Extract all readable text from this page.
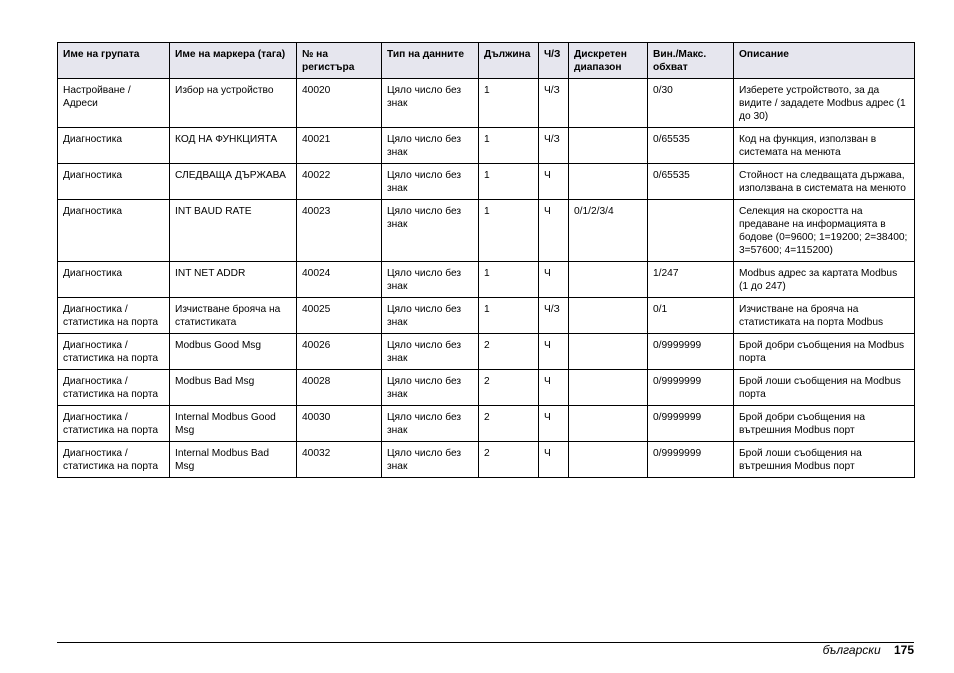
Име на групата	Име на маркера (тага)	№ на регистъра	Тип на данните	Дължина	Ч/З	Дискретен диапазон	Вин./Макс. обхват	Описание
Настройване / Адреси	Избор на устройство	40020	Цяло число без знак	1	Ч/З		0/30	Изберете устройството, за да видите / зададете Modbus адрес (1 до 30)
Диагностика	КОД НА ФУНКЦИЯТА	40021	Цяло число без знак	1	Ч/З		0/65535	Код на функция, използван в системата на менюта
Диагностика	СЛЕДВАЩА ДЪРЖАВА	40022	Цяло число без знак	1	Ч		0/65535	Стойност на следващата държава, използвана в системата на менюто
Диагностика	INT BAUD RATE	40023	Цяло число без знак	1	Ч	0/1/2/3/4		Селекция на скоростта на предаване на информацията в бодове (0=9600; 1=19200; 2=38400; 3=57600; 4=115200)
Диагностика	INT NET ADDR	40024	Цяло число без знак	1	Ч		1/247	Modbus адрес за картата Modbus (1 до 247)
Диагностика / статистика на порта	Изчистване брояча на статистиката	40025	Цяло число без знак	1	Ч/З		0/1	Изчистване на брояча на статистиката на порта Modbus
Диагностика / статистика на порта	Modbus Good Msg	40026	Цяло число без знак	2	Ч		0/9999999	Брой добри съобщения на Modbus порта
Диагностика / статистика на порта	Modbus Bad Msg	40028	Цяло число без знак	2	Ч		0/9999999	Брой лоши съобщения на Modbus порта
Диагностика / статистика на порта	Internal Modbus Good Msg	40030	Цяло число без знак	2	Ч		0/9999999	Брой добри съобщения на вътрешния Modbus порт
Диагностика / статистика на порта	Internal Modbus Bad Msg	40032	Цяло число без знак	2	Ч		0/9999999	Брой лоши съобщения на вътрешния Modbus порт
български 175
